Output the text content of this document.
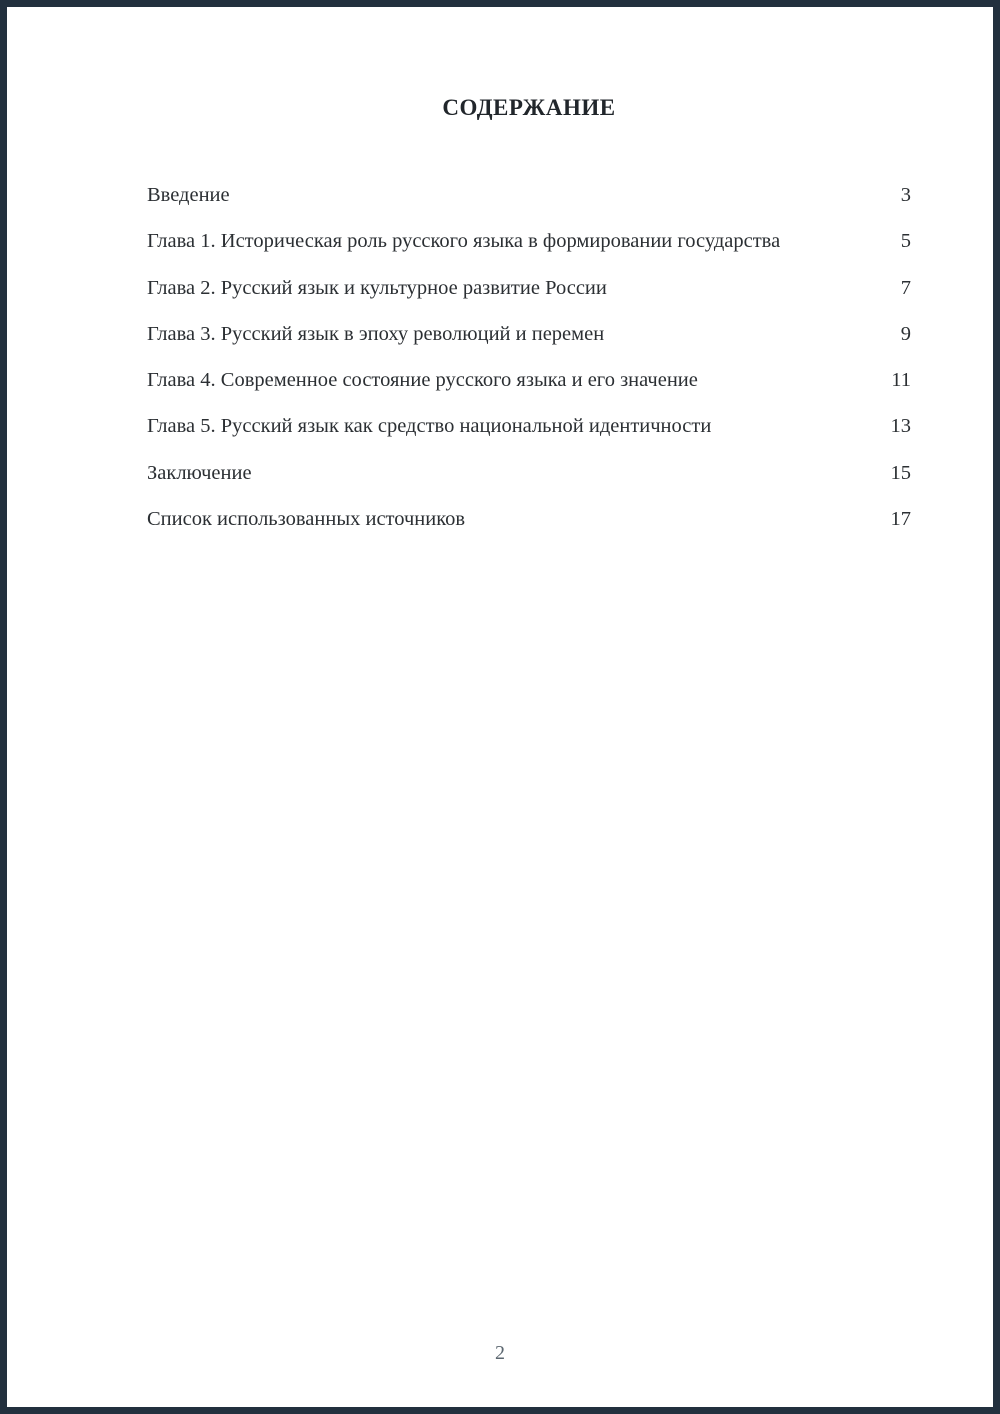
СОДЕРЖАНИЕ
Введение	3
Глава 1. Историческая роль русского языка в формировании государства	5
Глава 2. Русский язык и культурное развитие России	7
Глава 3. Русский язык в эпоху революций и перемен	9
Глава 4. Современное состояние русского языка и его значение	11
Глава 5. Русский язык как средство национальной идентичности	13
Заключение	15
Список использованных источников	17
2
